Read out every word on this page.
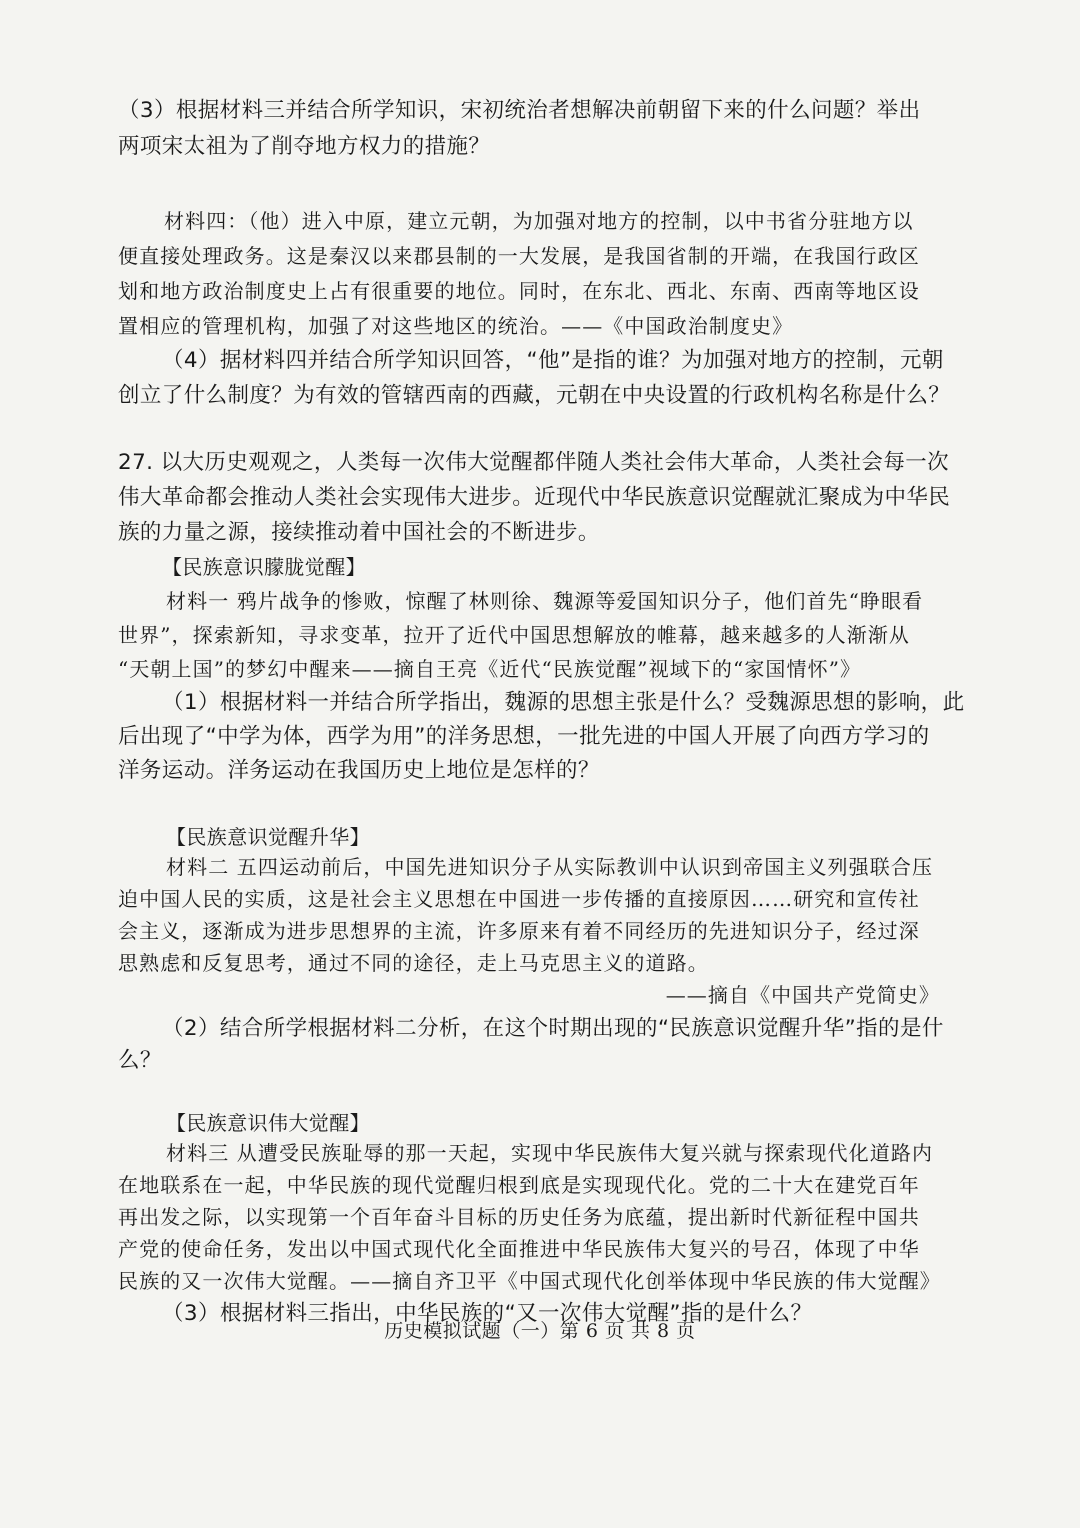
（3）根据材料三并结合所学知识，宋初统治者想解决前朝留下来的什么问题？举出
两项宋太祖为了削夺地方权力的措施？
材料四：（他）进入中原，建立元朝，为加强对地方的控制，以中书省分驻地方以
便直接处理政务。这是秦汉以来郡县制的一大发展，是我国省制的开端，在我国行政区
划和地方政治制度史上占有很重要的地位。同时，在东北、西北、东南、西南等地区设
置相应的管理机构，加强了对这些地区的统治。——《中国政治制度史》
（4）据材料四并结合所学知识回答，“他”是指的谁？为加强对地方的控制，元朝
创立了什么制度？为有效的管辖西南的西藏，元朝在中央设置的行政机构名称是什么？
27. 以大历史观观之，人类每一次伟大觉醒都伴随人类社会伟大革命，人类社会每一次
伟大革命都会推动人类社会实现伟大进步。近现代中华民族意识觉醒就汇聚成为中华民
族的力量之源，接续推动着中国社会的不断进步。
【民族意识朦胧觉醒】
材料一 鸦片战争的惨败，惊醒了林则徐、魏源等爱国知识分子，他们首先“睁眼看
世界”，探索新知，寻求变革，拉开了近代中国思想解放的帷幕，越来越多的人渐渐从
“天朝上国”的梦幻中醒来——摘自王亮《近代“民族觉醒”视域下的“家国情怀”》
（1）根据材料一并结合所学指出，魏源的思想主张是什么？受魏源思想的影响，此
后出现了“中学为体，西学为用”的洋务思想，一批先进的中国人开展了向西方学习的
洋务运动。洋务运动在我国历史上地位是怎样的？
【民族意识觉醒升华】
材料二 五四运动前后，中国先进知识分子从实际教训中认识到帝国主义列强联合压
迫中国人民的实质，这是社会主义思想在中国进一步传播的直接原因……研究和宣传社
会主义，逐渐成为进步思想界的主流，许多原来有着不同经历的先进知识分子，经过深
思熟虑和反复思考，通过不同的途径，走上马克思主义的道路。
——摘自《中国共产党简史》
（2）结合所学根据材料二分析，在这个时期出现的“民族意识觉醒升华”指的是什
么？
【民族意识伟大觉醒】
材料三 从遭受民族耻辱的那一天起，实现中华民族伟大复兴就与探索现代化道路内
在地联系在一起，中华民族的现代觉醒归根到底是实现现代化。党的二十大在建党百年
再出发之际，以实现第一个百年奋斗目标的历史任务为底蕴，提出新时代新征程中国共
产党的使命任务，发出以中国式现代化全面推进中华民族伟大复兴的号召，体现了中华
民族的又一次伟大觉醒。——摘自齐卫平《中国式现代化创举体现中华民族的伟大觉醒》
（3）根据材料三指出，中华民族的“又一次伟大觉醒”指的是什么？
历史模拟试题（一）第 6 页 共 8 页
